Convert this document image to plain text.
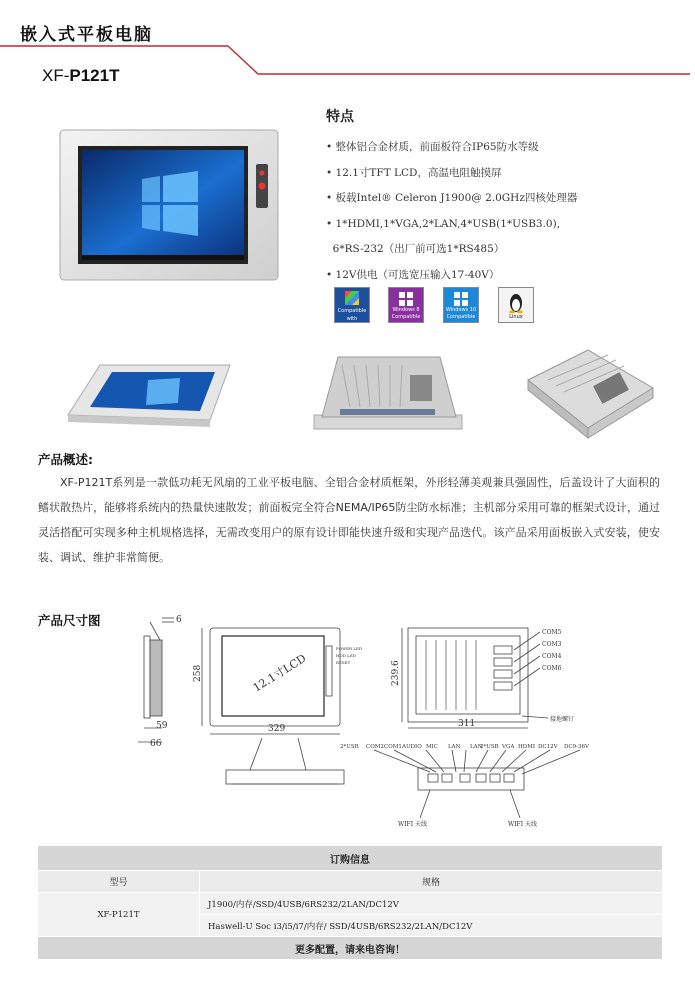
嵌入式平板电脑
XF-P121T
特点
• 整体铝合金材质，前面板符合IP65防水等级
• 12.1寸TFT LCD，高温电阻触摸屏
• 板载Intel® Celeron J1900@ 2.0GHz四核处理器
• 1*HDMI,1*VGA,2*LAN,4*USB(1*USB3.0),
6*RS-232（出厂前可选1*RS485）
• 12V供电（可选宽压输入17-40V）
Compatible with
Windows 7
Windows 8
Compatible
Windows 10
Compatible	Linux
产品概述:

XF-P121T系列是一款低功耗无风扇的工业平板电脑、全铝合金材质框架，外形轻薄美观兼具强固性，后盖设计了大面积的鳍状散热片，能够将系统内的热量快速散发；前面板完全符合NEMA/IP65防尘防水标准；主机部分采用可靠的框架式设计，通过灵活搭配可实现多种主机规格选择，无需改变用户的原有设计即能快速升级和实现产品迭代。该产品采用面板嵌入式安装，使安装、调试、维护非常简便。

产品尺寸图	6
59
66
258
329
12.1寸LCD
POWER LED
HDD LED
RESET	239.6
311
COM5
COM3
COM4
COM6
接地螺钉
2*USB COM2 COM1 AUDIO MIC LAN LAN
2*USB VGA HDMI DC12V DC9-36V
WIFI 天线	WIFI 天线
订购信息	
型号	规格
XF-P121T	J1900/内存/SSD/4USB/6RS232/2LAN/DC12V
	Haswell-U Soc i3/i5/i7/内存/ SSD/4USB/6RS232/2LAN/DC12V
更多配置，请来电咨询！	
